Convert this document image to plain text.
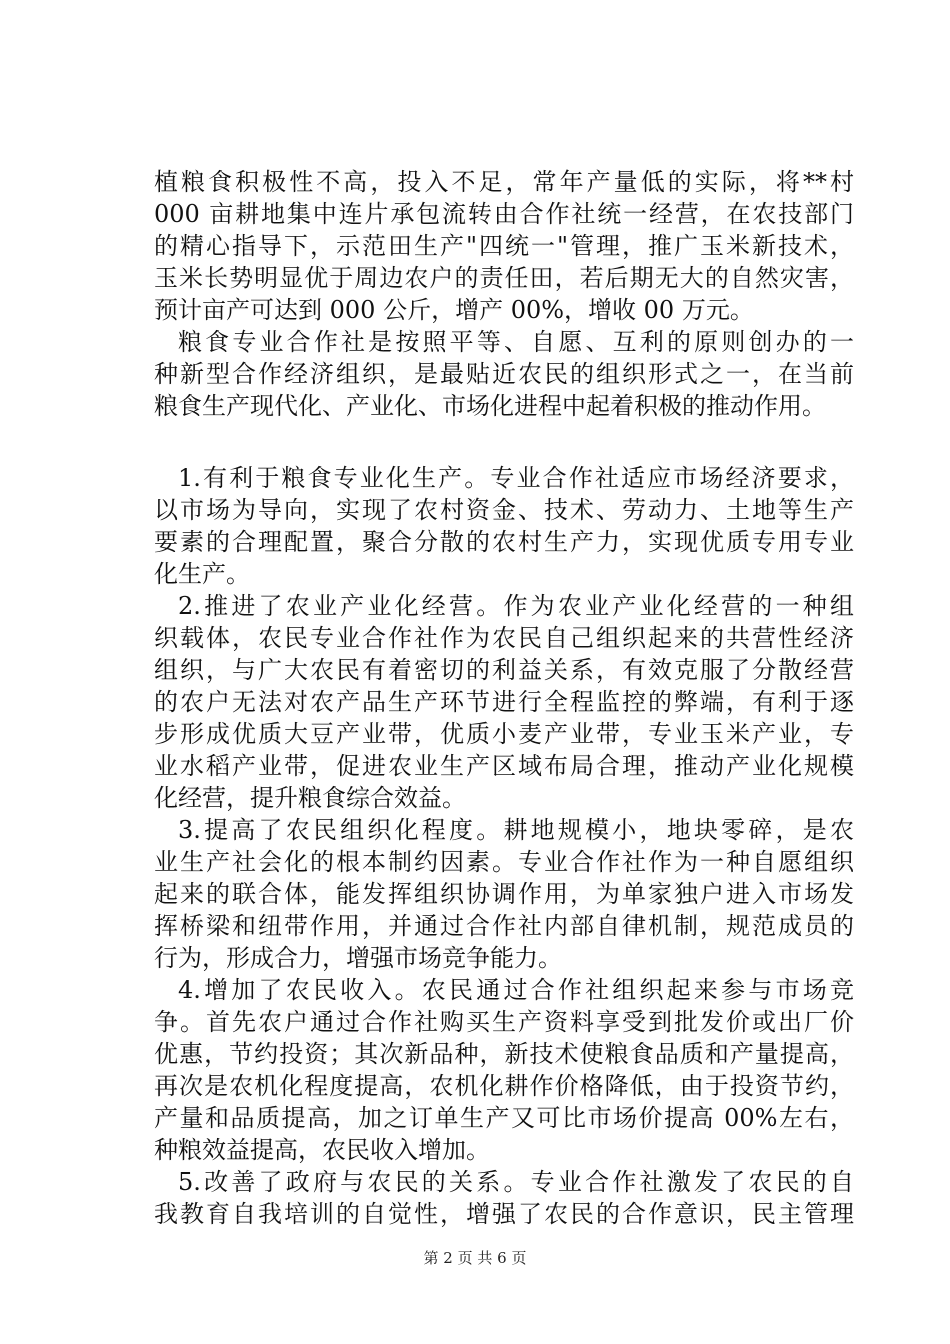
植粮食积极性不高，投入不足，常年产量低的实际，将**村
000 亩耕地集中连片承包流转由合作社统一经营，在农技部门
的精心指导下，示范田生产"四统一"管理，推广玉米新技术，
玉米长势明显优于周边农户的责任田，若后期无大的自然灾害，
预计亩产可达到 000 公斤，增产 00%，增收 00 万元。
粮食专业合作社是按照平等、自愿、互利的原则创办的一
种新型合作经济组织，是最贴近农民的组织形式之一，在当前
粮食生产现代化、产业化、市场化进程中起着积极的推动作用。
1.有利于粮食专业化生产。专业合作社适应市场经济要求，
以市场为导向，实现了农村资金、技术、劳动力、土地等生产
要素的合理配置，聚合分散的农村生产力，实现优质专用专业
化生产。
2.推进了农业产业化经营。作为农业产业化经营的一种组
织载体，农民专业合作社作为农民自己组织起来的共营性经济
组织，与广大农民有着密切的利益关系，有效克服了分散经营
的农户无法对农产品生产环节进行全程监控的弊端，有利于逐
步形成优质大豆产业带，优质小麦产业带，专业玉米产业，专
业水稻产业带，促进农业生产区域布局合理，推动产业化规模
化经营，提升粮食综合效益。
3.提高了农民组织化程度。耕地规模小，地块零碎，是农
业生产社会化的根本制约因素。专业合作社作为一种自愿组织
起来的联合体，能发挥组织协调作用，为单家独户进入市场发
挥桥梁和纽带作用，并通过合作社内部自律机制，规范成员的
行为，形成合力，增强市场竞争能力。
4.增加了农民收入。农民通过合作社组织起来参与市场竞
争。首先农户通过合作社购买生产资料享受到批发价或出厂价
优惠，节约投资；其次新品种，新技术使粮食品质和产量提高，
再次是农机化程度提高，农机化耕作价格降低，由于投资节约，
产量和品质提高，加之订单生产又可比市场价提高 00%左右，
种粮效益提高，农民收入增加。
5.改善了政府与农民的关系。专业合作社激发了农民的自
我教育自我培训的自觉性，增强了农民的合作意识，民主管理
第 2 页 共 6 页
